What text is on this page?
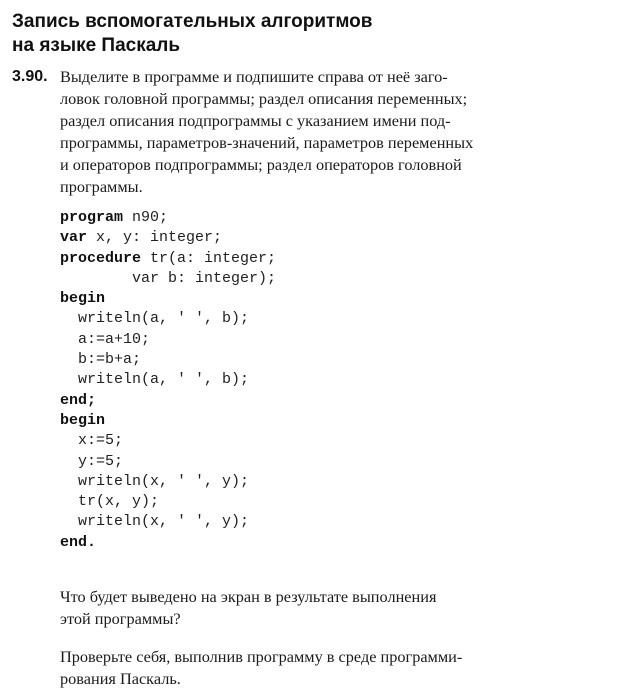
Запись вспомогательных алгоритмов
на языке Паскаль
3.90. Выделите в программе и подпишите справа от неё заго-
ловок головной программы; раздел описания переменных;
раздел описания подпрограммы с указанием имени под-
программы, параметров-значений, параметров переменных
и операторов подпрограммы; раздел операторов головной
программы.
program n90;
var x, y: integer;
procedure tr(a: integer;
var b: integer);
begin
writeln(a, ' ', b);
a:=a+10;
b:=b+a;
writeln(a, ' ', b);
end;
begin
x:=5;
y:=5;
writeln(x, ' ', y);
tr(x, y);
writeln(x, ' ', y);
end.
Что будет выведено на экран в результате выполнения
этой программы?
Проверьте себя, выполнив программу в среде программи-
рования Паскаль.
